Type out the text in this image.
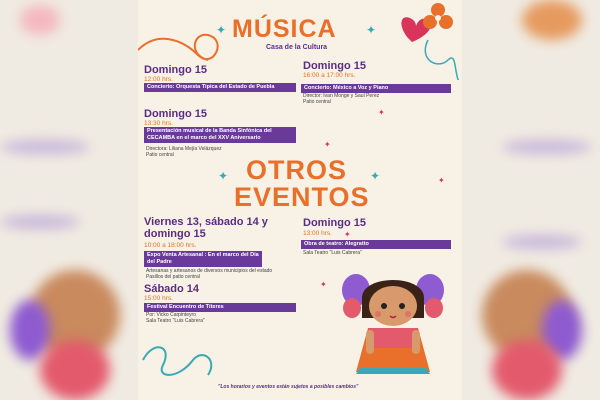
✦ MÚSICA ✦
Casa de la Cultura
Domingo 15
12:00 hrs.
Concierto: Orquesta Típica del Estado de Puebla
Domingo 15
16:00 a 17:00 hrs.
Concierto: México a Voz y Piano
Director: Ivan Monge y Saul Perez
Patio central
Domingo 15
13:30 hrs.
Presentación musical de la Banda Sinfónica del CECAMBA en el marco del XXV Aniversario
Directora: Liliana Mejía Velázquez
Patio central
✦
✦
✦
✦
✦
✦ OTROS ✦
EVENTOS
Viernes 13, sábado 14 y domingo 15
10:00 a 18:00 hrs.
Expo Venta Artesanal : En el marco del Día del Padre
Artesanas y artesanos de diversos municipios del estado
Pasillos del patio central
Domingo 15
13:00 hrs.
Obra de teatro: Alegratto
Sala Teatro "Luis Cabrera"
Sábado 14
15:00 hrs.
Festival Encuentro de Títeres
Por: Vicko Carpinteyro
Sala Teatro "Luis Cabrera"
"Los horarios y eventos están sujetos a posibles cambios"
